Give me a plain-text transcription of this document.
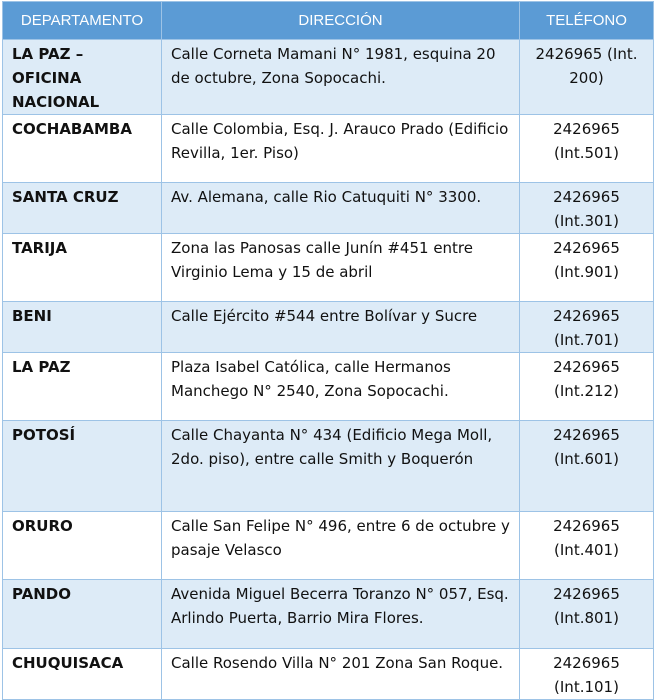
DEPARTAMENTO	DIRECCIÓN	TELÉFONO
LA PAZ – OFICINA NACIONAL	Calle Corneta Mamani N° 1981, esquina 20 de octubre, Zona Sopocachi.	2426965 (Int. 200)
COCHABAMBA	Calle Colombia, Esq. J. Arauco Prado (Edificio Revilla, 1er. Piso)	2426965 (Int.501)
SANTA CRUZ	Av. Alemana, calle Rio Catuquiti N° 3300.	2426965 (Int.301)
TARIJA	Zona las Panosas calle Junín #451 entre Virginio Lema y 15 de abril	2426965 (Int.901)
BENI	Calle Ejército #544 entre Bolívar y Sucre	2426965 (Int.701)
LA PAZ	Plaza Isabel Católica, calle Hermanos Manchego N° 2540, Zona Sopocachi.	2426965 (Int.212)
POTOSÍ	Calle Chayanta N° 434 (Edificio Mega Moll, 2do. piso), entre calle Smith y Boquerón	2426965 (Int.601)
ORURO	Calle San Felipe N° 496, entre 6 de octubre y pasaje Velasco	2426965 (Int.401)
PANDO	Avenida Miguel Becerra Toranzo N° 057, Esq. Arlindo Puerta, Barrio Mira Flores.	2426965 (Int.801)
CHUQUISACA	Calle Rosendo Villa N° 201 Zona San Roque.	2426965 (Int.101)
